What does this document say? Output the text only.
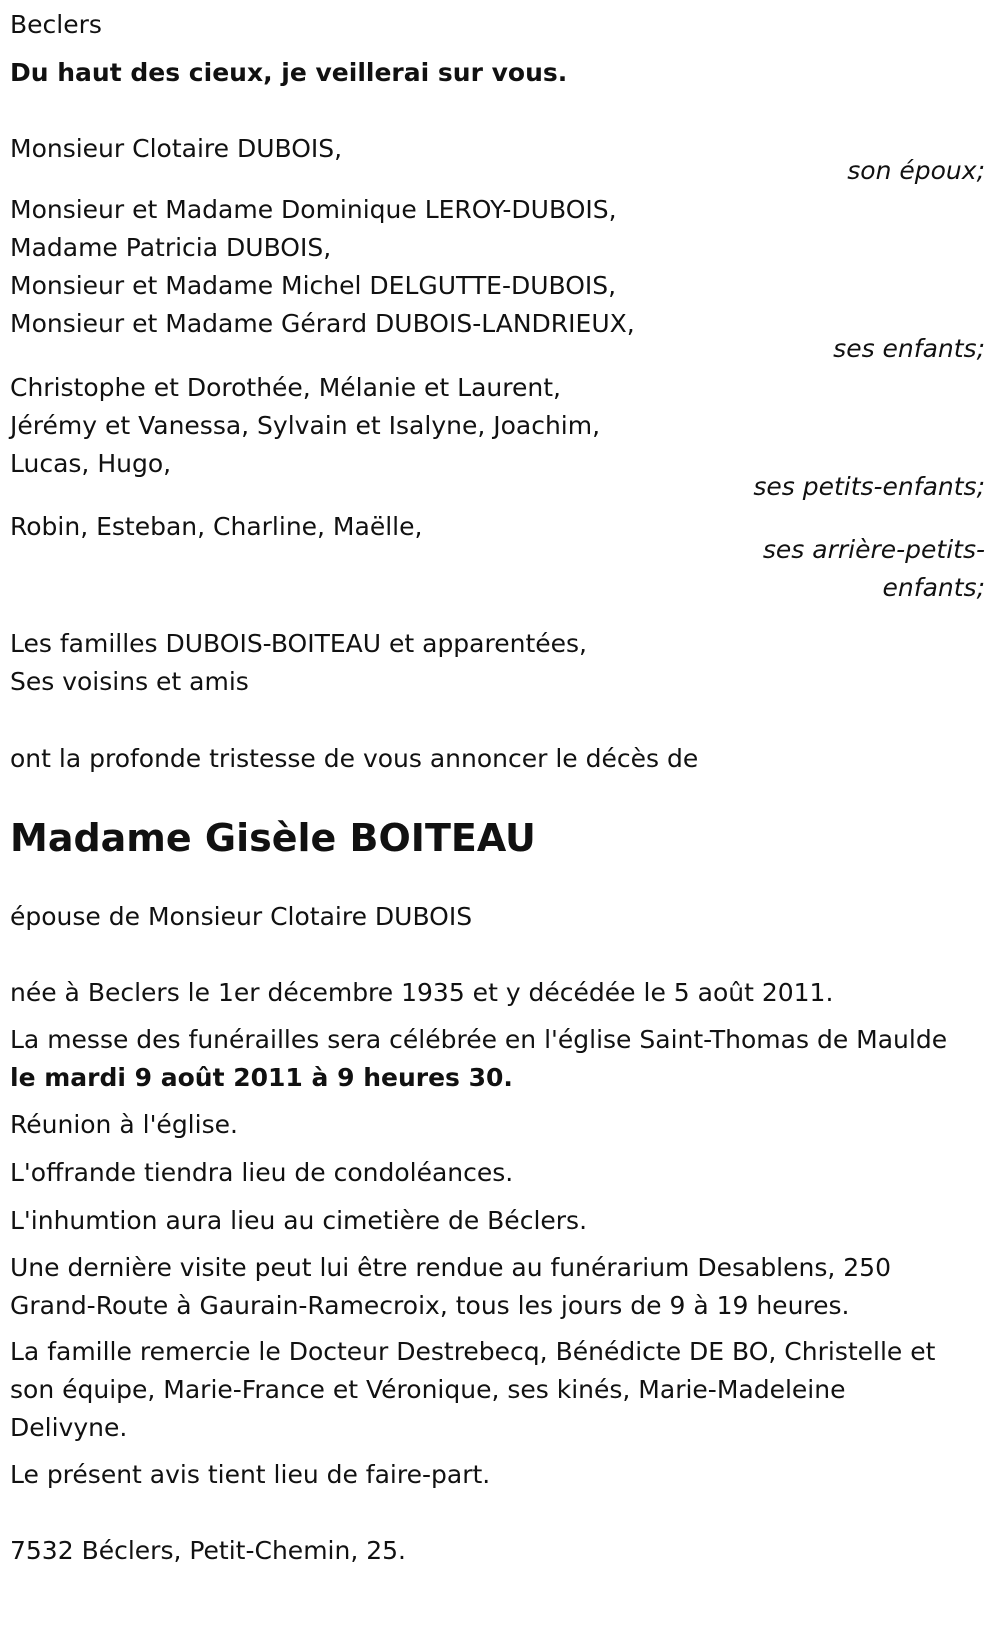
Beclers

Du haut des cieux, je veillerai sur vous.

Monsieur Clotaire DUBOIS,

son époux;

Monsieur et Madame Dominique LEROY-DUBOIS,

Madame Patricia DUBOIS,

Monsieur et Madame Michel DELGUTTE-DUBOIS,

Monsieur et Madame Gérard DUBOIS-LANDRIEUX,

ses enfants;

Christophe et Dorothée, Mélanie et Laurent,

Jérémy et Vanessa, Sylvain et Isalyne, Joachim,

Lucas, Hugo,

ses petits-enfants;

Robin, Esteban, Charline, Maëlle,

ses arrière-petits-

enfants;

Les familles DUBOIS-BOITEAU et apparentées,

Ses voisins et amis

ont la profonde tristesse de vous annoncer le décès de

Madame Gisèle BOITEAU

épouse de Monsieur Clotaire DUBOIS

née à Beclers le 1er décembre 1935 et y décédée le 5 août 2011.

La messe des funérailles sera célébrée en l'église Saint-Thomas de Maulde le mardi 9 août 2011 à 9 heures 30.

Réunion à l'église.

L'offrande tiendra lieu de condoléances.

L'inhumtion aura lieu au cimetière de Béclers.

Une dernière visite peut lui être rendue au funérarium Desablens, 250 Grand-Route à Gaurain-Ramecroix, tous les jours de 9 à 19 heures.

La famille remercie le Docteur Destrebecq, Bénédicte DE BO, Christelle et son équipe, Marie-France et Véronique, ses kinés, Marie-Madeleine Delivyne.

Le présent avis tient lieu de faire-part.

7532 Béclers, Petit-Chemin, 25.
